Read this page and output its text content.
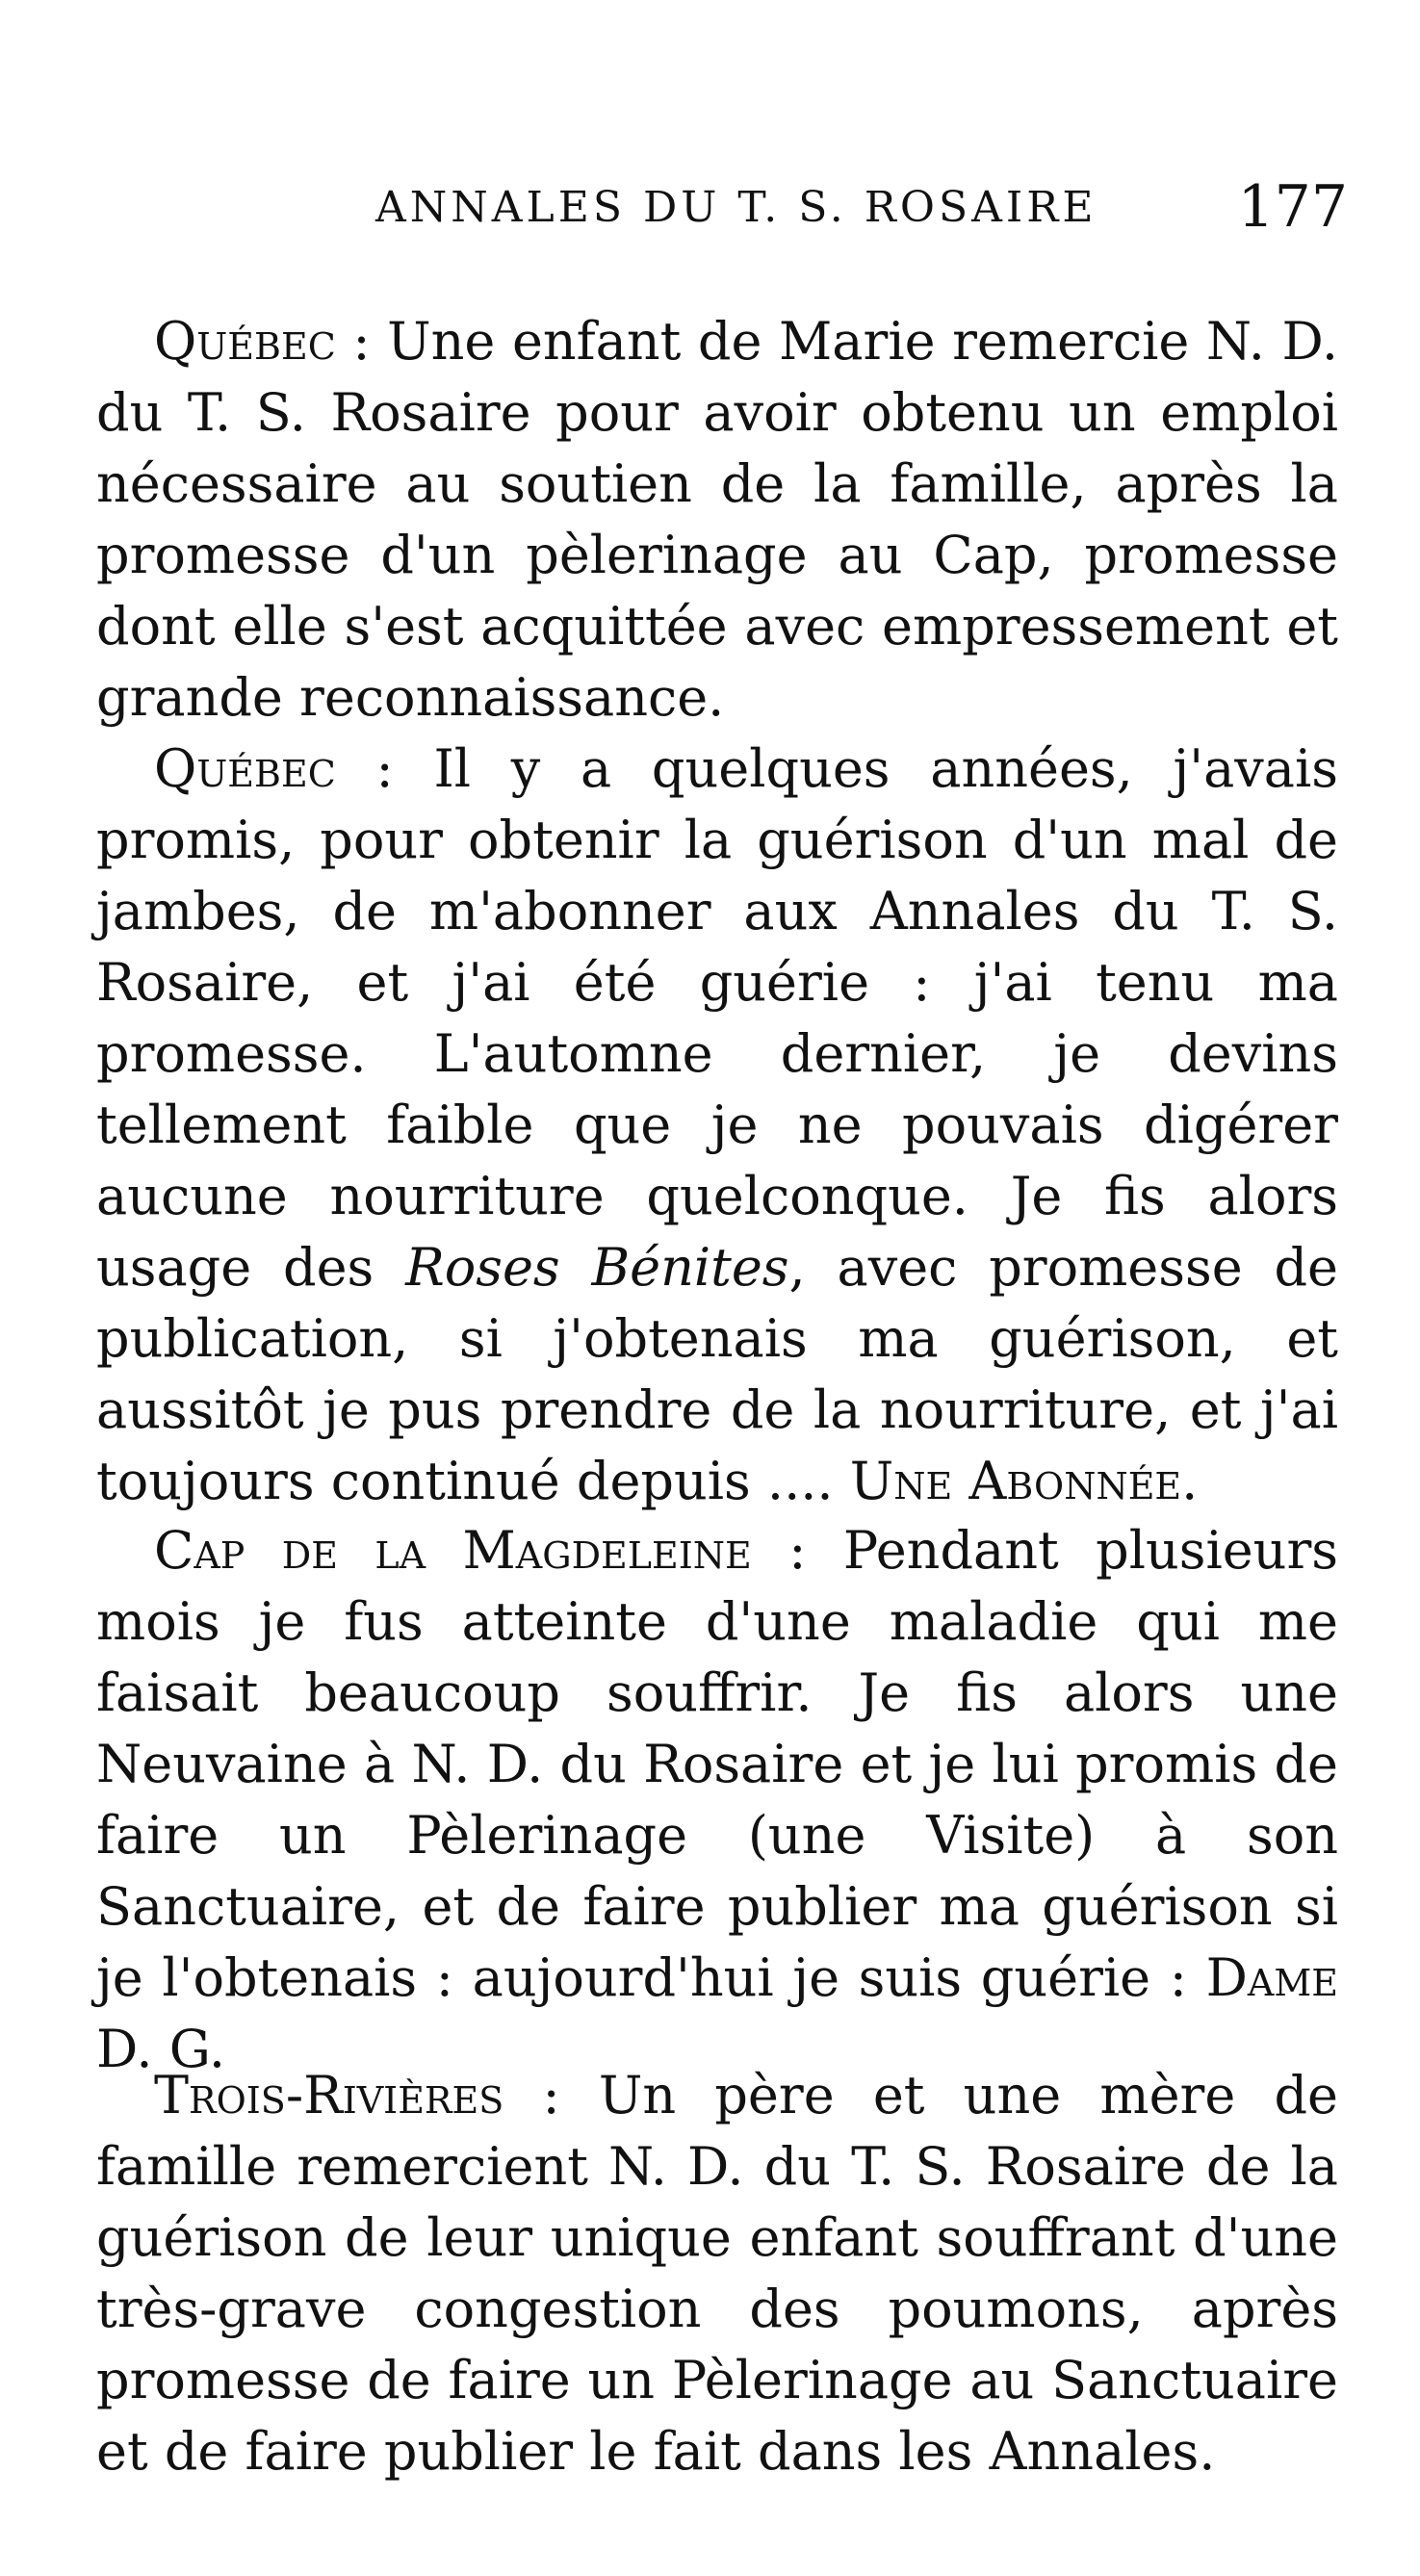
ANNALES DU T. S. ROSAIRE 177

Québec : Une enfant de Marie remercie N. D. du T. S. Rosaire pour avoir obtenu un emploi nécessaire au soutien de la famille, après la promesse d'un pèlerinage au Cap, promesse dont elle s'est acquittée avec empressement et grande reconnaissance.

Québec : Il y a quelques années, j'avais promis, pour obtenir la guérison d'un mal de jambes, de m'abonner aux Annales du T. S. Rosaire, et j'ai été guérie : j'ai tenu ma promesse. L'automne dernier, je devins tellement faible que je ne pouvais digérer aucune nourriture quelconque. Je fis alors usage des Roses Bénites, avec promesse de publication, si j'obtenais ma guérison, et aussitôt je pus prendre de la nourriture, et j'ai toujours continué depuis .... Une Abonnée.

Cap de la Magdeleine : Pendant plusieurs mois je fus atteinte d'une maladie qui me faisait beaucoup souffrir. Je fis alors une Neuvaine à N. D. du Rosaire et je lui promis de faire un Pèlerinage (une Visite) à son Sanctuaire, et de faire publier ma guérison si je l'obtenais : aujourd'hui je suis guérie : Dame D. G.

Trois-Rivières : Un père et une mère de famille remercient N. D. du T. S. Rosaire de la guérison de leur unique enfant souffrant d'une très-grave congestion des poumons, après promesse de faire un Pèlerinage au Sanctuaire et de faire publier le fait dans les Annales.
